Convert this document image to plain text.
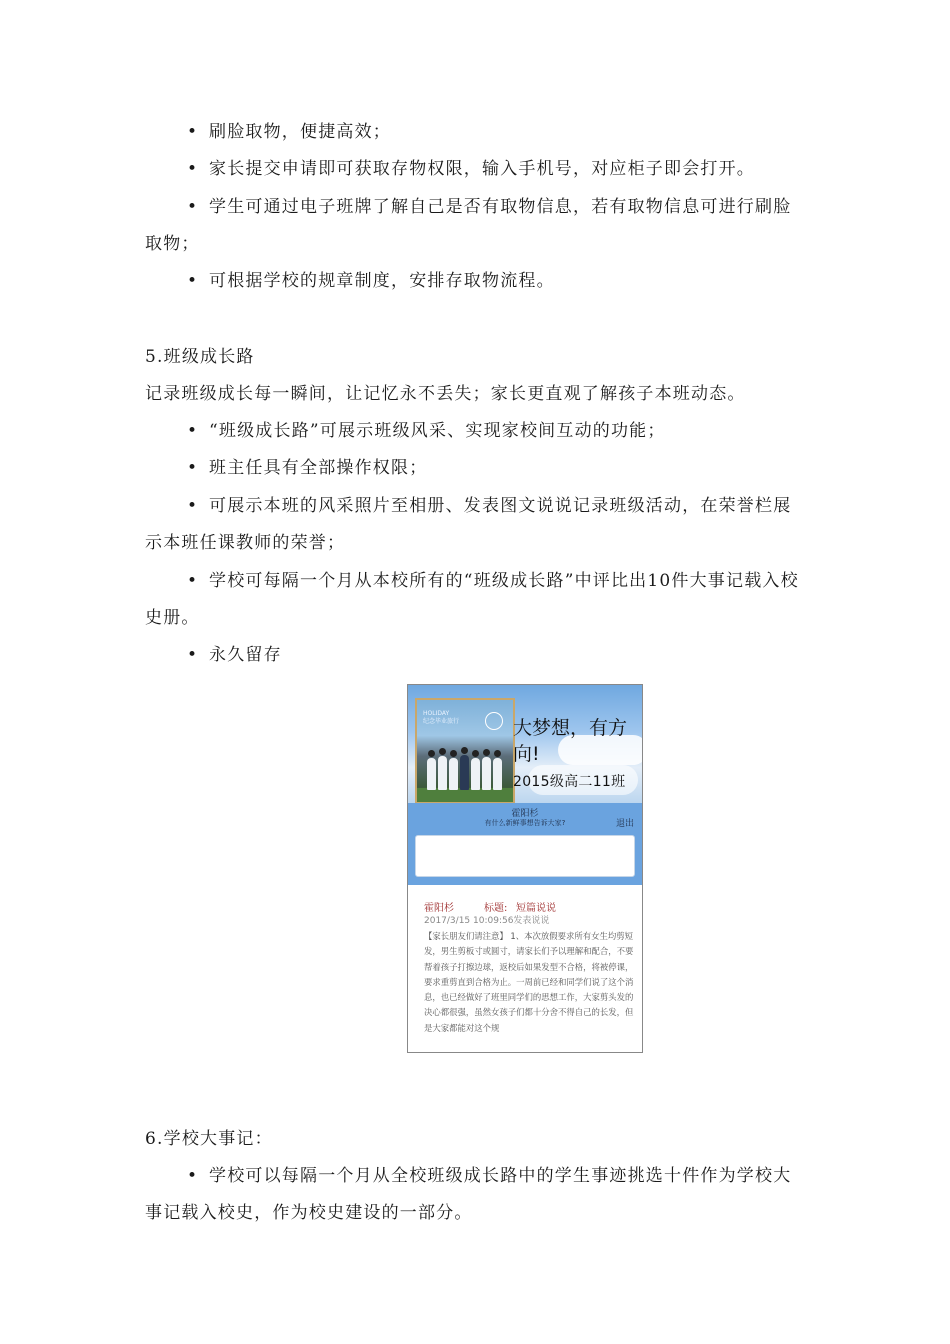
• 刷脸取物，便捷高效；

• 家长提交申请即可获取存物权限，输入手机号，对应柜子即会打开。

• 学生可通过电子班牌了解自己是否有取物信息，若有取物信息可进行刷脸取物；

• 可根据学校的规章制度，安排存取物流程。

5.班级成长路

记录班级成长每一瞬间，让记忆永不丢失；家长更直观了解孩子本班动态。

• “班级成长路”可展示班级风采、实现家校间互动的功能；

• 班主任具有全部操作权限；

• 可展示本班的风采照片至相册、发表图文说说记录班级活动，在荣誉栏展示本班任课教师的荣誉；

• 学校可每隔一个月从本校所有的“班级成长路”中评比出10件大事记载入校史册。

• 永久留存

HOLIDAY
纪念毕业旅行	大梦想，有方向!
2015级高二11班
霍阳杉
有什么新鲜事想告诉大家?	退出
霍阳杉	标题: 短篇说说
2017/3/15 10:09:56发表说说
【家长朋友们请注意】 1、本次放假要求所有女生均剪短发，男生剪板寸或圆寸，请家长们予以理解和配合，不要帮着孩子打擦边球，返校后如果发型不合格，将被停课，要求重剪直到合格为止。一周前已经和同学们说了这个消息，也已经做好了班里同学们的思想工作，大家剪头发的决心都很强，虽然女孩子们都十分舍不得自己的长发，但是大家都能对这个规

6.学校大事记：

• 学校可以每隔一个月从全校班级成长路中的学生事迹挑选十件作为学校大事记载入校史，作为校史建设的一部分。
